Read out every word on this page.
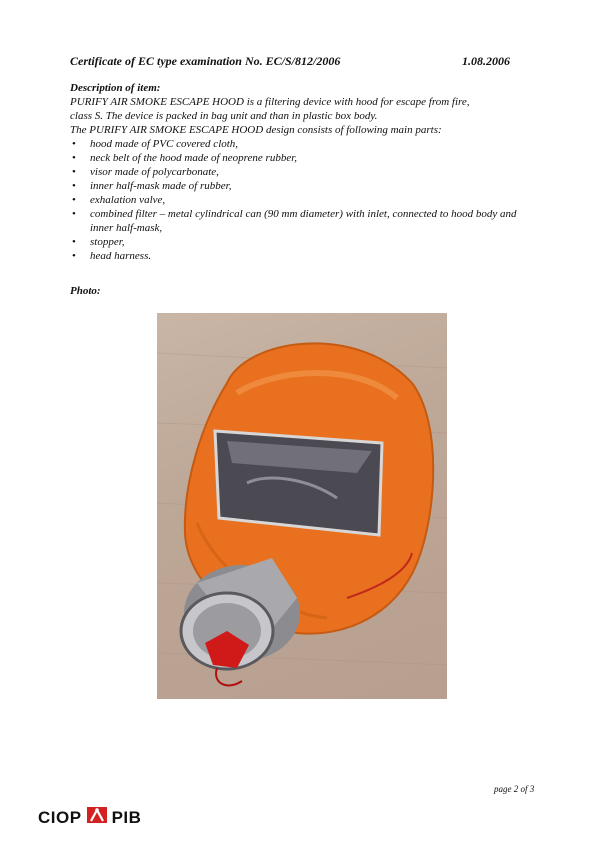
Certificate of EC type examination No. EC/S/812/2006	1.08.2006
Description of item:

PURIFY AIR SMOKE ESCAPE HOOD is a filtering device with hood for escape from fire,

class S. The device is packed in bag unit and than in plastic box body.

The PURIFY AIR SMOKE ESCAPE HOOD design consists of following main parts:

• hood made of PVC covered cloth,
• neck belt of the hood made of neoprene rubber,
• visor made of polycarbonate,
• inner half-mask made of rubber,
• exhalation valve,
• combined filter – metal cylindrical can (90 mm diameter) with inlet, connected to hood body and inner half-mask,
• stopper,
• head harness.
Photo:
page 2 of 3
CIOP PIB
